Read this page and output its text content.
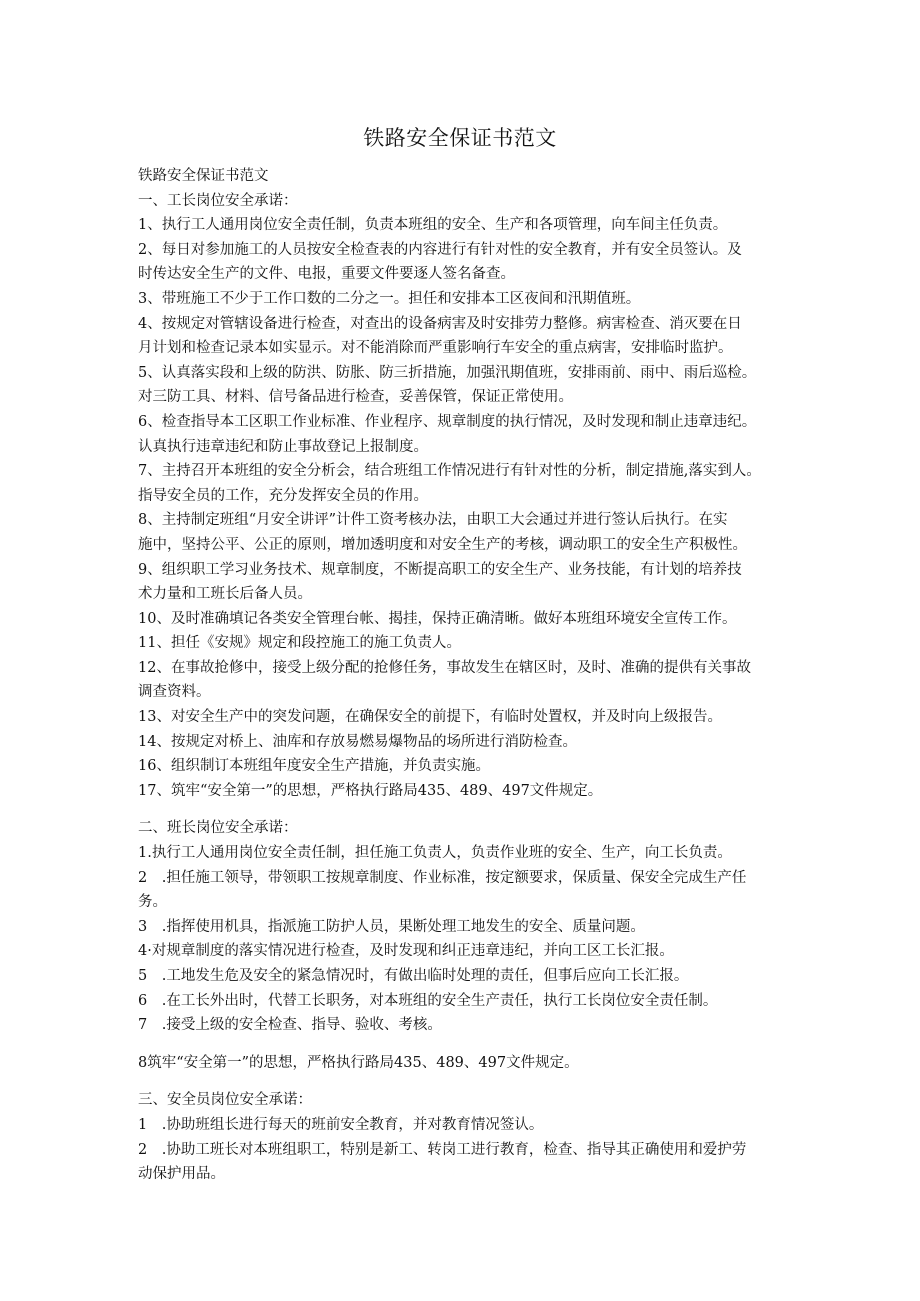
铁路安全保证书范文
铁路安全保证书范文
一、工长岗位安全承诺：
1、执行工人通用岗位安全责任制，负责本班组的安全、生产和各项管理，向车间主任负责。
2、每日对参加施工的人员按安全检查表的内容进行有针对性的安全教育，并有安全员签认。及
时传达安全生产的文件、电报，重要文件要逐人签名备查。
3、带班施工不少于工作口数的二分之一。担任和安排本工区夜间和汛期值班。
4、按规定对管辖设备进行检查，对查出的设备病害及时安排劳力整修。病害检查、消灭要在日
月计划和检查记录本如实显示。对不能消除而严重影响行车安全的重点病害，安排临时监护。
5、认真落实段和上级的防洪、防胀、防三折措施，加强汛期值班，安排雨前、雨中、雨后巡检。
对三防工具、材料、信号备品进行检查，妥善保管，保证正常使用。
6、检查指导本工区职工作业标准、作业程序、规章制度的执行情况，及时发现和制止违章违纪。
认真执行违章违纪和防止事故登记上报制度。
7、主持召开本班组的安全分析会，结合班组工作情况进行有针对性的分析，制定措施,落实到人。
指导安全员的工作，充分发挥安全员的作用。
8、主持制定班组“月安全讲评”计件工资考核办法，由职工大会通过并进行签认后执行。在实
施中，坚持公平、公正的原则，增加透明度和对安全生产的考核，调动职工的安全生产积极性。
9、组织职工学习业务技术、规章制度，不断提高职工的安全生产、业务技能，有计划的培养技
术力量和工班长后备人员。
10、及时准确填记各类安全管理台帐、揭挂，保持正确清晰。做好本班组环境安全宣传工作。
11、担任《安规》规定和段控施工的施工负责人。
12、在事故抢修中，接受上级分配的抢修任务，事故发生在辖区时，及时、准确的提供有关事故
调查资料。
13、对安全生产中的突发问题，在确保安全的前提下，有临时处置权，并及时向上级报告。
14、按规定对桥上、油库和存放易燃易爆物品的场所进行消防检查。
16、组织制订本班组年度安全生产措施，并负责实施。
17、筑牢“安全第一”的思想，严格执行路局435、489、497文件规定。
二、班长岗位安全承诺：
1.执行工人通用岗位安全责任制，担任施工负责人，负责作业班的安全、生产，向工长负责。
2　.担任施工领导，带领职工按规章制度、作业标准，按定额要求，保质量、保安全完成生产任
务。
3　.指挥使用机具，指派施工防护人员，果断处理工地发生的安全、质量问题。
4·对规章制度的落实情况进行检查，及时发现和纠正违章违纪，并向工区工长汇报。
5　.工地发生危及安全的紧急情况时，有做出临时处理的责任，但事后应向工长汇报。
6　.在工长外出时，代替工长职务，对本班组的安全生产责任，执行工长岗位安全责任制。
7　.接受上级的安全检查、指导、验收、考核。
8筑牢“安全第一”的思想，严格执行路局435、489、497文件规定。
三、安全员岗位安全承诺：
1　.协助班组长进行每天的班前安全教育，并对教育情况签认。
2　.协助工班长对本班组职工，特别是新工、转岗工进行教育，检查、指导其正确使用和爱护劳
动保护用品。
